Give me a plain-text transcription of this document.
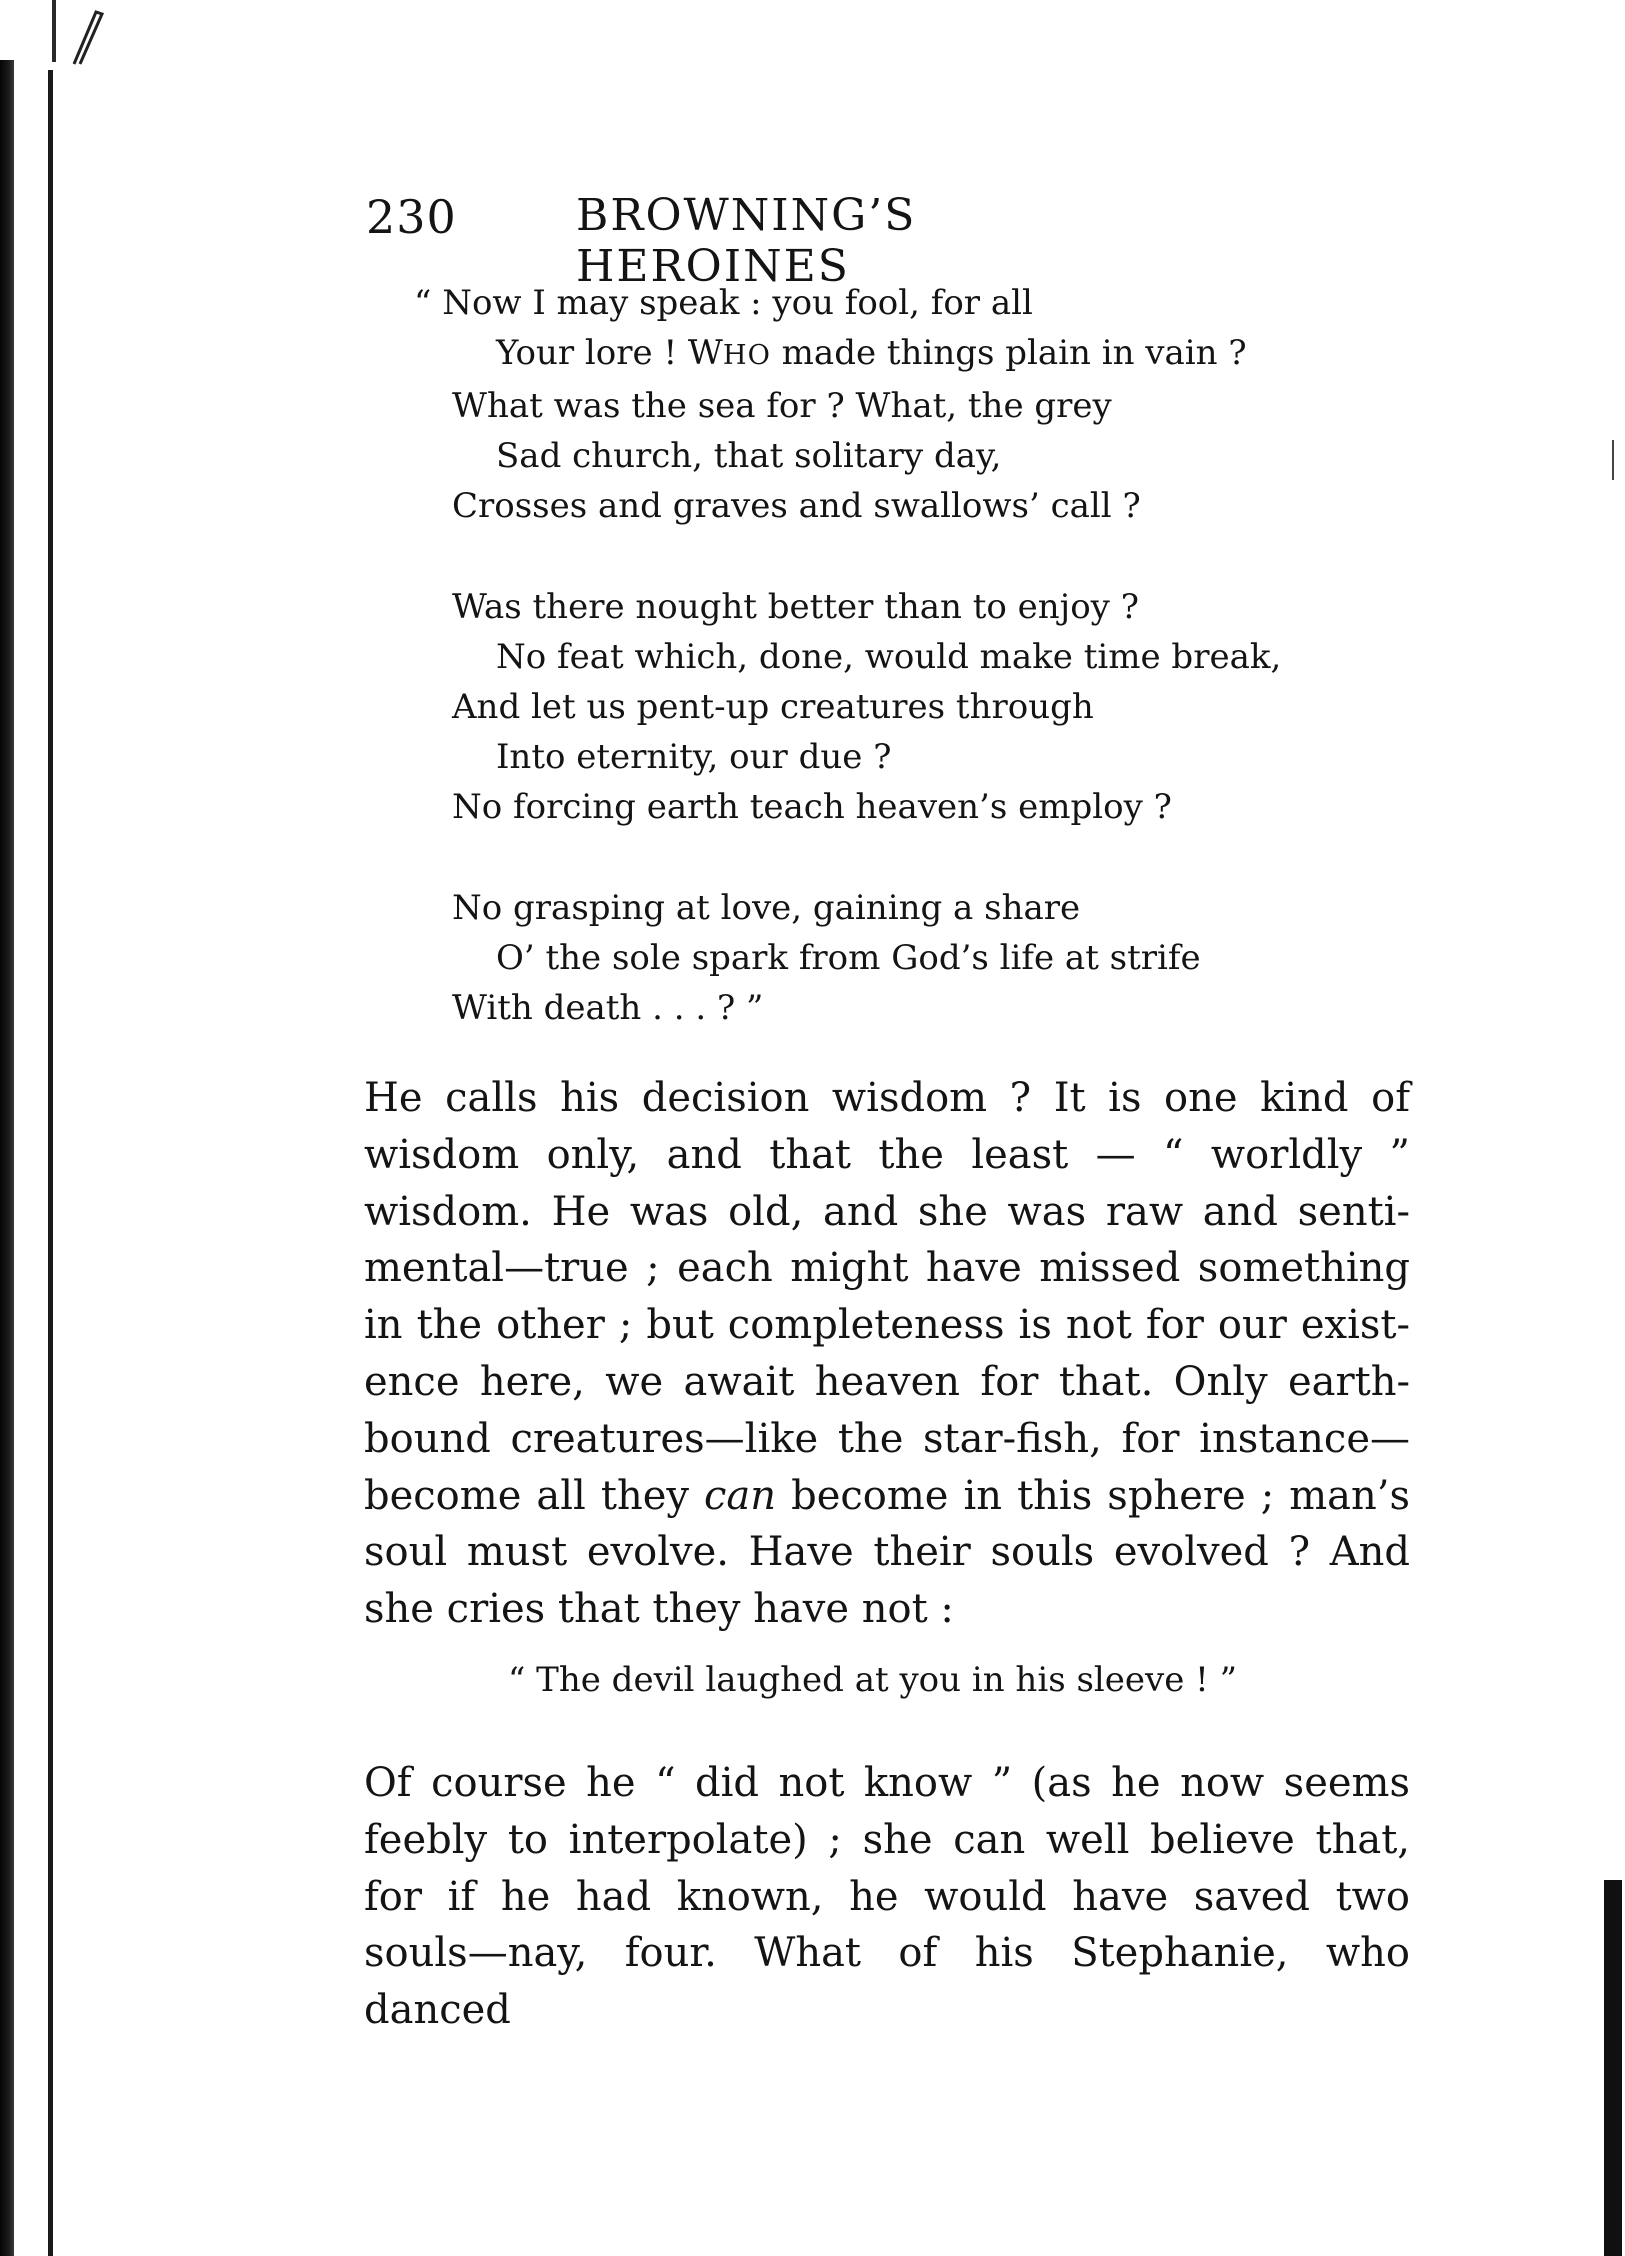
230	BROWNING’S HEROINES
“ Now I may speak : you fool, for all
Your lore ! WHO made things plain in vain ?
What was the sea for ? What, the grey
Sad church, that solitary day,
Crosses and graves and swallows’ call ?
Was there nought better than to enjoy ?
No feat which, done, would make time break,
And let us pent-up creatures through
Into eternity, our due ?
No forcing earth teach heaven’s employ ?
No grasping at love, gaining a share
O’ the sole spark from God’s life at strife
With death . . . ? ”

He calls his decision wisdom ? It is one kind of wisdom only, and that the least — “ worldly ” wisdom. He was old, and she was raw and sentimental—true ; each might have missed something in the other ; but completeness is not for our existence here, we await heaven for that. Only earthbound creatures—like the star-fish, for instance—become all they can become in this sphere ; man’s soul must evolve. Have their souls evolved ? And she cries that they have not :

“ The devil laughed at you in his sleeve ! ”

Of course he “ did not know ” (as he now seems feebly to interpolate) ; she can well believe that, for if he had known, he would have saved two souls—nay, four. What of his Stephanie, who danced
